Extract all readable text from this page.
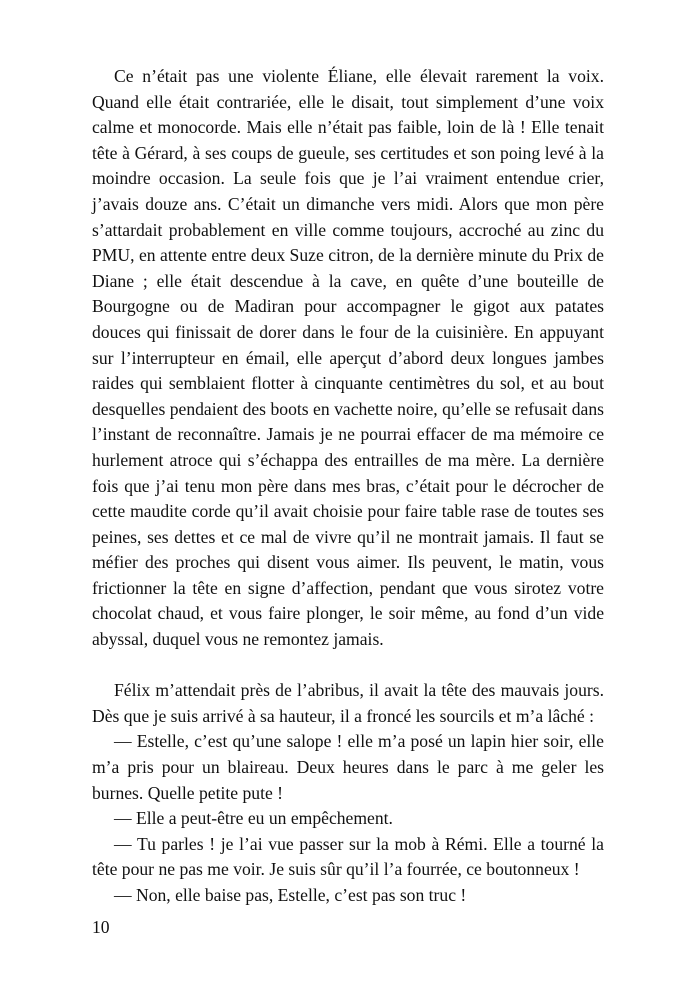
Ce n’était pas une violente Éliane, elle élevait rarement la voix. Quand elle était contrariée, elle le disait, tout simplement d’une voix calme et monocorde. Mais elle n’était pas faible, loin de là ! Elle tenait tête à Gérard, à ses coups de gueule, ses certitudes et son poing levé à la moindre occasion. La seule fois que je l’ai vraiment entendue crier, j’avais douze ans. C’était un dimanche vers midi. Alors que mon père s’attardait probablement en ville comme toujours, accroché au zinc du PMU, en attente entre deux Suze citron, de la dernière minute du Prix de Diane ; elle était descendue à la cave, en quête d’une bouteille de Bourgogne ou de Madiran pour accompagner le gigot aux patates douces qui finissait de dorer dans le four de la cuisinière. En appuyant sur l’interrupteur en émail, elle aperçut d’abord deux longues jambes raides qui semblaient flotter à cinquante centimètres du sol, et au bout desquelles pendaient des boots en vachette noire, qu’elle se refusait dans l’instant de reconnaître. Jamais je ne pourrai effacer de ma mémoire ce hurlement atroce qui s’échappa des entrailles de ma mère. La dernière fois que j’ai tenu mon père dans mes bras, c’était pour le décrocher de cette maudite corde qu’il avait choisie pour faire table rase de toutes ses peines, ses dettes et ce mal de vivre qu’il ne montrait jamais. Il faut se méfier des proches qui disent vous aimer. Ils peuvent, le matin, vous frictionner la tête en signe d’affection, pendant que vous sirotez votre chocolat chaud, et vous faire plonger, le soir même, au fond d’un vide abyssal, duquel vous ne remontez jamais.

Félix m’attendait près de l’abribus, il avait la tête des mauvais jours. Dès que je suis arrivé à sa hauteur, il a froncé les sourcils et m’a lâché :

— Estelle, c’est qu’une salope ! elle m’a posé un lapin hier soir, elle m’a pris pour un blaireau. Deux heures dans le parc à me geler les burnes. Quelle petite pute !

— Elle a peut-être eu un empêchement.

— Tu parles ! je l’ai vue passer sur la mob à Rémi. Elle a tourné la tête pour ne pas me voir. Je suis sûr qu’il l’a fourrée, ce boutonneux !

— Non, elle baise pas, Estelle, c’est pas son truc !

10
